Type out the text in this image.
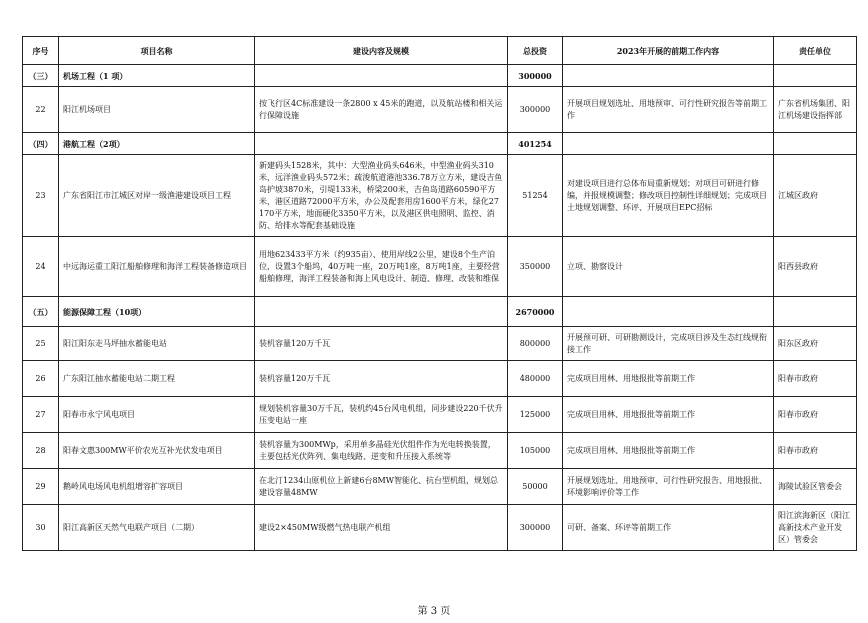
序号	项目名称	建设内容及规模	总投资	2023年开展的前期工作内容	责任单位
（三）	机场工程（1 项）		300000		
22	阳江机场项目	按飞行区4C标准建设一条2800 x 45米的跑道，以及航站楼和相关运行保障设施	300000	开展项目规划选址、用地预审、可行性研究报告等前期工作	广东省机场集团、阳江机场建设指挥部
（四）	港航工程（2项）		401254		
23	广东省阳江市江城区对岸一级渔港建设项目工程	新建码头1528米，其中：大型渔业码头646米，中型渔业码头310米，远洋渔业码头572米；疏浚航道港池336.78万立方米，建设吉鱼岛护坡3870米，引堤133米，桥梁200米，吉鱼岛道路60590平方米，港区道路72000平方米，办公及配套用房1600平方米，绿化27170平方米，地面硬化3350平方米，以及港区供电照明、监控、消防、给排水等配套基础设施	51254	对建设项目进行总体布局重新规划；对项目可研进行修编，并报规模调整；修改项目控制性详细规划；完成项目土地规划调整、环评、开展项目EPC招标	江城区政府
24	中远海运重工阳江船舶修理和海洋工程装备修造项目	用地623433平方米（约935亩）、使用岸线2公里，建设8个生产泊位，设置3个船坞，40万吨一座，20万吨1座，8万吨1座，主要经营船舶修理，海洋工程装备和海上风电设计、制造、修理、改装和维保	350000	立项、勘察设计	阳西县政府
（五）	能源保障工程（10项）		2670000		
25	阳江阳东走马坪抽水蓄能电站	装机容量120万千瓦	800000	开展预可研、可研勘测设计，完成项目涉及生态红线规衔接工作	阳东区政府
26	广东阳江抽水蓄能电站二期工程	装机容量120万千瓦	480000	完成项目用林、用地报批等前期工作	阳春市政府
27	阳春市永宁风电项目	规划装机容量30万千瓦，装机约45台风电机组，同步建设220千伏升压变电站一座	125000	完成项目用林、用地报批等前期工作	阳春市政府
28	阳春文惠300MW平价农光互补光伏发电项目	装机容量为300MWp，采用单多晶硅光伏组件作为光电转换装置，主要包括光伏阵列、集电线路、逆变和升压接入系统等	105000	完成项目用林、用地报批等前期工作	阳春市政府
29	鹅岭风电场风电机组增容扩容项目	在北汀1234山原机位上新建6台8MW智能化、抗台型机组，规划总建设容量48MW	50000	开展规划选址、用地预审、可行性研究报告、用地报批、环境影响评价等工作	海陵试验区管委会
30	阳江高新区天然气电联产项目（二期）	建设2×450MW级燃气热电联产机组	300000	可研、备案、环评等前期工作	阳江滨海新区（阳江高新技术产业开发区）管委会
第 3 页
